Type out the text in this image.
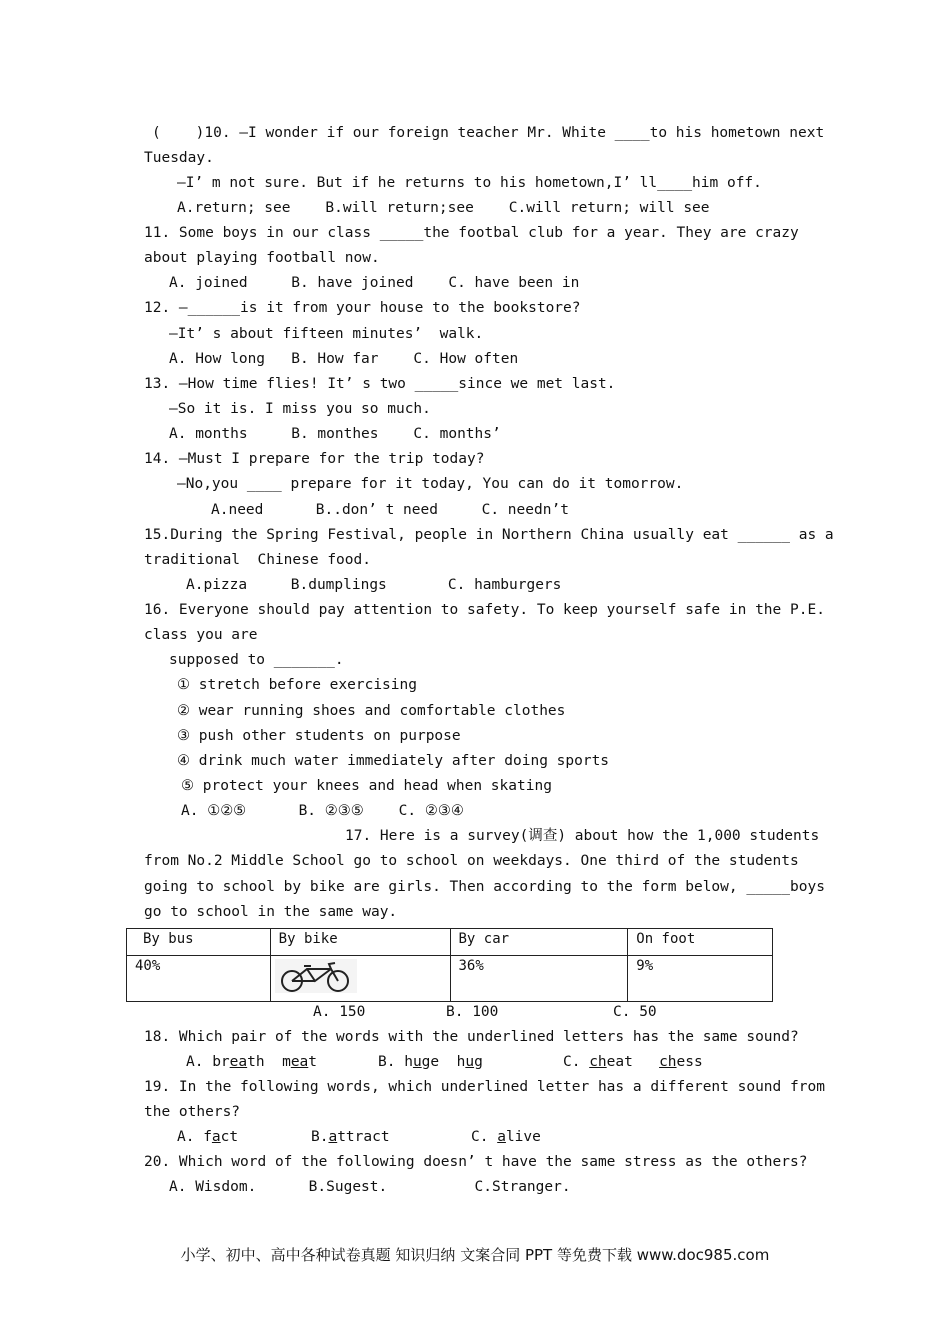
(    )10. —I wonder if our foreign teacher Mr. White ____to his hometown next
Tuesday.
—I’ m not sure. But if he returns to his hometown,I’ ll____him off.
A.return; see    B.will return;see    C.will return; will see
11. Some boys in our class _____the footbal club for a year. They are crazy
about playing football now.
A. joined     B. have joined    C. have been in
12. —______is it from your house to the bookstore?
—It’ s about fifteen minutes’  walk.
A. How long   B. How far    C. How often
13. —How time flies! It’ s two _____since we met last.
—So it is. I miss you so much.
A. months     B. monthes    C. months’
14. —Must I prepare for the trip today?
—No,you ____ prepare for it today, You can do it tomorrow.
A.need      B..don’ t need     C. needn’t
15.During the Spring Festival, people in Northern China usually eat ______ as a
traditional  Chinese food.
A.pizza     B.dumplings       C. hamburgers
16. Everyone should pay attention to safety. To keep yourself safe in the P.E.
class you are
supposed to _______.
① stretch before exercising
② wear running shoes and comfortable clothes
③ push other students on purpose
④ drink much water immediately after doing sports
⑤ protect your knees and head when skating
A. ①②⑤      B. ②③⑤    C. ②③④
17. Here is a survey(调查) about how the 1,000 students
from No.2 Middle School go to school on weekdays. One third of the students
going to school by bike are girls. Then according to the form below, _____boys
go to school in the same way.
By bus	By bike	By car	On foot
40%		36%	9%
A. 150	B. 100	C. 50
18. Which pair of the words with the underlined letters has the same sound?
A. breath meat	B. huge hug	C. cheat chess
19. In the following words, which underlined letter has a different sound from
the others?
A. fact	B.attract	C. alive
20. Which word of the following doesn’ t have the same stress as the others?
A. Wisdom.      B.Sugest.          C.Stranger.
小学、初中、高中各种试卷真题 知识归纳 文案合同 PPT 等免费下载 www.doc985.com
